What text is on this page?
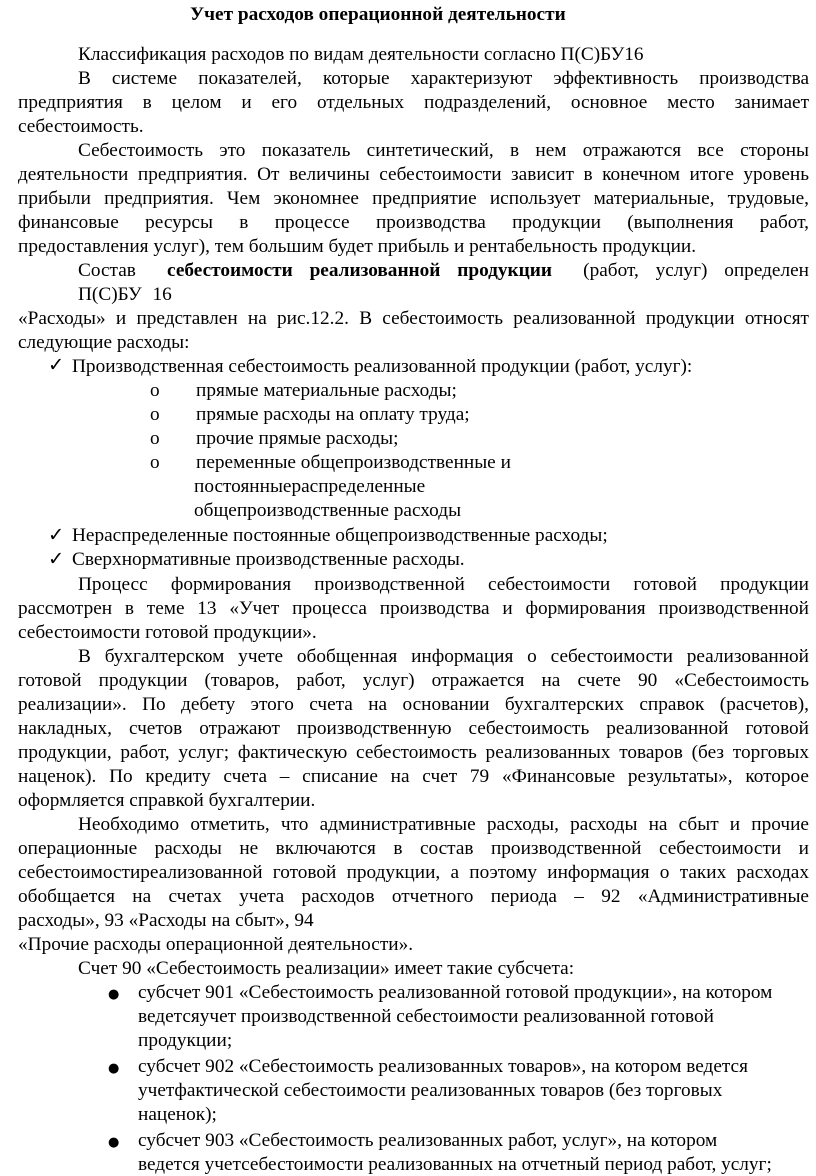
Учет расходов операционной деятельности
Классификация расходов по видам деятельности согласно П(С)БУ16
В системе показателей, которые характеризуют эффективность производства
предприятия в целом и его отдельных подразделений, основное место занимает
себестоимость.
Себестоимость это показатель синтетический, в нем отражаются все стороны
деятельности предприятия. От величины себестоимости зависит в конечном итоге уровень
прибыли предприятия. Чем экономнее предприятие использует материальные, трудовые,
финансовые ресурсы в процессе производства продукции (выполнения работ,
предоставления услуг), тем большим будет прибыль и рентабельность продукции.
Состав себестоимости реализованной продукции (работ, услуг) определен
П(С)БУ 16
«Расходы» и представлен на рис.12.2. В себестоимость реализованной продукции относят
следующие расходы:
✓ Производственная себестоимость реализованной продукции (работ, услуг):
o прямые материальные расходы;
o прямые расходы на оплату труда;
o прочие прямые расходы;
o переменные общепроизводственные и
постоянныераспределенные
общепроизводственные расходы
✓ Нераспределенные постоянные общепроизводственные расходы;
✓ Сверхнормативные производственные расходы.
Процесс формирования производственной себестоимости готовой продукции
рассмотрен в теме 13 «Учет процесса производства и формирования производственной
себестоимости готовой продукции».
В бухгалтерском учете обобщенная информация о себестоимости реализованной
готовой продукции (товаров, работ, услуг) отражается на счете 90 «Себестоимость
реализации». По дебету этого счета на основании бухгалтерских справок (расчетов),
накладных, счетов отражают производственную себестоимость реализованной готовой
продукции, работ, услуг; фактическую себестоимость реализованных товаров (без торговых
наценок). По кредиту счета – списание на счет 79 «Финансовые результаты», которое
оформляется справкой бухгалтерии.
Необходимо отметить, что административные расходы, расходы на сбыт и прочие
операционные расходы не включаются в состав производственной себестоимости и
себестоимостиреализованной готовой продукции, а поэтому информация о таких расходах
обобщается на счетах учета расходов отчетного периода – 92 «Административные
расходы», 93 «Расходы на сбыт», 94
«Прочие расходы операционной деятельности».
Счет 90 «Себестоимость реализации» имеет такие субсчета:
● субсчет 901 «Себестоимость реализованной готовой продукции», на котором
ведетсяучет производственной себестоимости реализованной готовой
продукции;
● субсчет 902 «Себестоимость реализованных товаров», на котором ведется
учетфактической себестоимости реализованных товаров (без торговых
наценок);
● субсчет 903 «Себестоимость реализованных работ, услуг», на котором
ведется учетсебестоимости реализованных на отчетный период работ, услуг;
